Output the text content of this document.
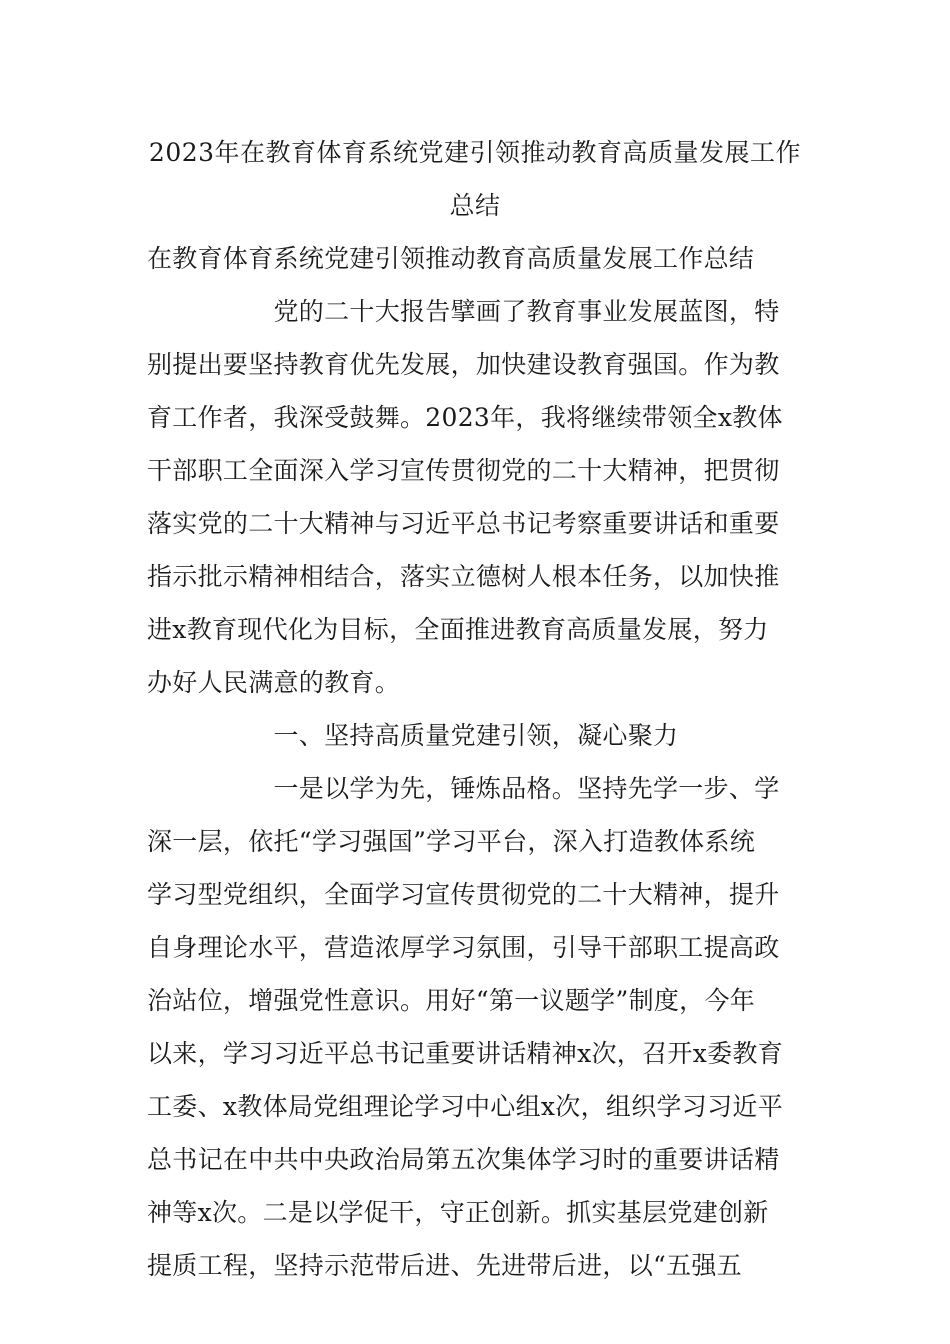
2023年在教育体育系统党建引领推动教育高质量发展工作
总结
在教育体育系统党建引领推动教育高质量发展工作总结
　　　　　党的二十大报告擘画了教育事业发展蓝图，特
别提出要坚持教育优先发展，加快建设教育强国。作为教
育工作者，我深受鼓舞。2023年，我将继续带领全x教体
干部职工全面深入学习宣传贯彻党的二十大精神，把贯彻
落实党的二十大精神与习近平总书记考察重要讲话和重要
指示批示精神相结合，落实立德树人根本任务，以加快推
进x教育现代化为目标，全面推进教育高质量发展，努力
办好人民满意的教育。
　　　　　一、坚持高质量党建引领，凝心聚力
　　　　　一是以学为先，锤炼品格。坚持先学一步、学
深一层，依托“学习强国”学习平台，深入打造教体系统
学习型党组织，全面学习宣传贯彻党的二十大精神，提升
自身理论水平，营造浓厚学习氛围，引导干部职工提高政
治站位，增强党性意识。用好“第一议题学”制度，今年
以来，学习习近平总书记重要讲话精神x次，召开x委教育
工委、x教体局党组理论学习中心组x次，组织学习习近平
总书记在中共中央政治局第五次集体学习时的重要讲话精
神等x次。二是以学促干，守正创新。抓实基层党建创新
提质工程，坚持示范带后进、先进带后进，以“五强五
